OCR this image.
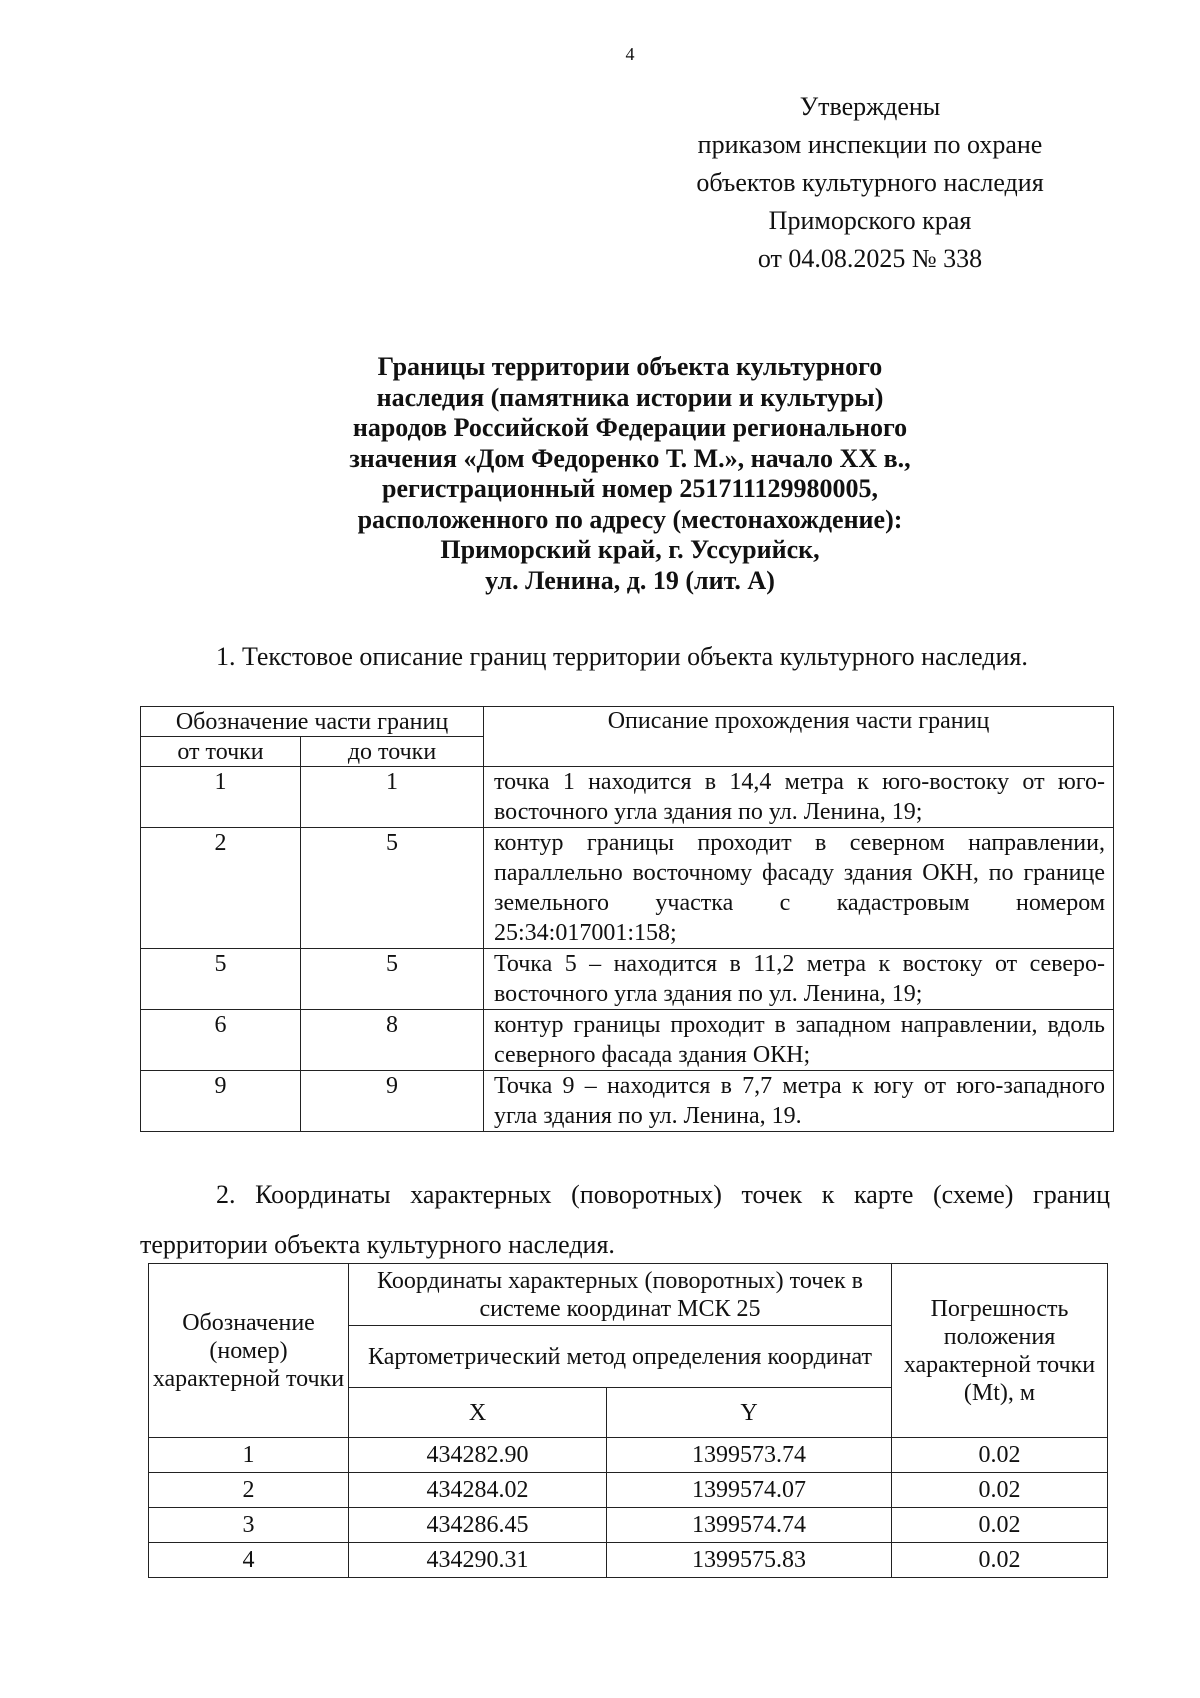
4
Утверждены
приказом инспекции по охране
объектов культурного наследия
Приморского края
от 04.08.2025 № 338
Границы территории объекта культурного
наследия (памятника истории и культуры)
народов Российской Федерации регионального
значения «Дом Федоренко Т. М.», начало XX в.,
регистрационный номер 251711129980005,
расположенного по адресу (местонахождение):
Приморский край, г. Уссурийск,
ул. Ленина, д. 19 (лит. А)
1. Текстовое описание границ территории объекта культурного наследия.
Обозначение части границ		Описание прохождения части границ
от точки	до точки	
1	1	точка 1 находится в 14,4 метра к юго-востоку от юго-восточного угла здания по ул. Ленина, 19;
2	5	контур границы проходит в северном направлении, параллельно восточному фасаду здания ОКН, по границе земельного участка с кадастровым номером 25:34:017001:158;
5	5	Точка 5 – находится в 11,2 метра к востоку от северо-восточного угла здания по ул. Ленина, 19;
6	8	контур границы проходит в западном направлении, вдоль северного фасада здания ОКН;
9	9	Точка 9 – находится в 7,7 метра к югу от юго-западного угла здания по ул. Ленина, 19.
2. Координаты характерных (поворотных) точек к карте (схеме) границ территории объекта культурного наследия.
Обозначение (номер) характерной точки	Координаты характерных (поворотных) точек в системе координат МСК 25		Погрешность положения характерной точки (Mt), м
	Картометрический метод определения координат		
	X	Y	
1	434282.90	1399573.74	0.02
2	434284.02	1399574.07	0.02
3	434286.45	1399574.74	0.02
4	434290.31	1399575.83	0.02
